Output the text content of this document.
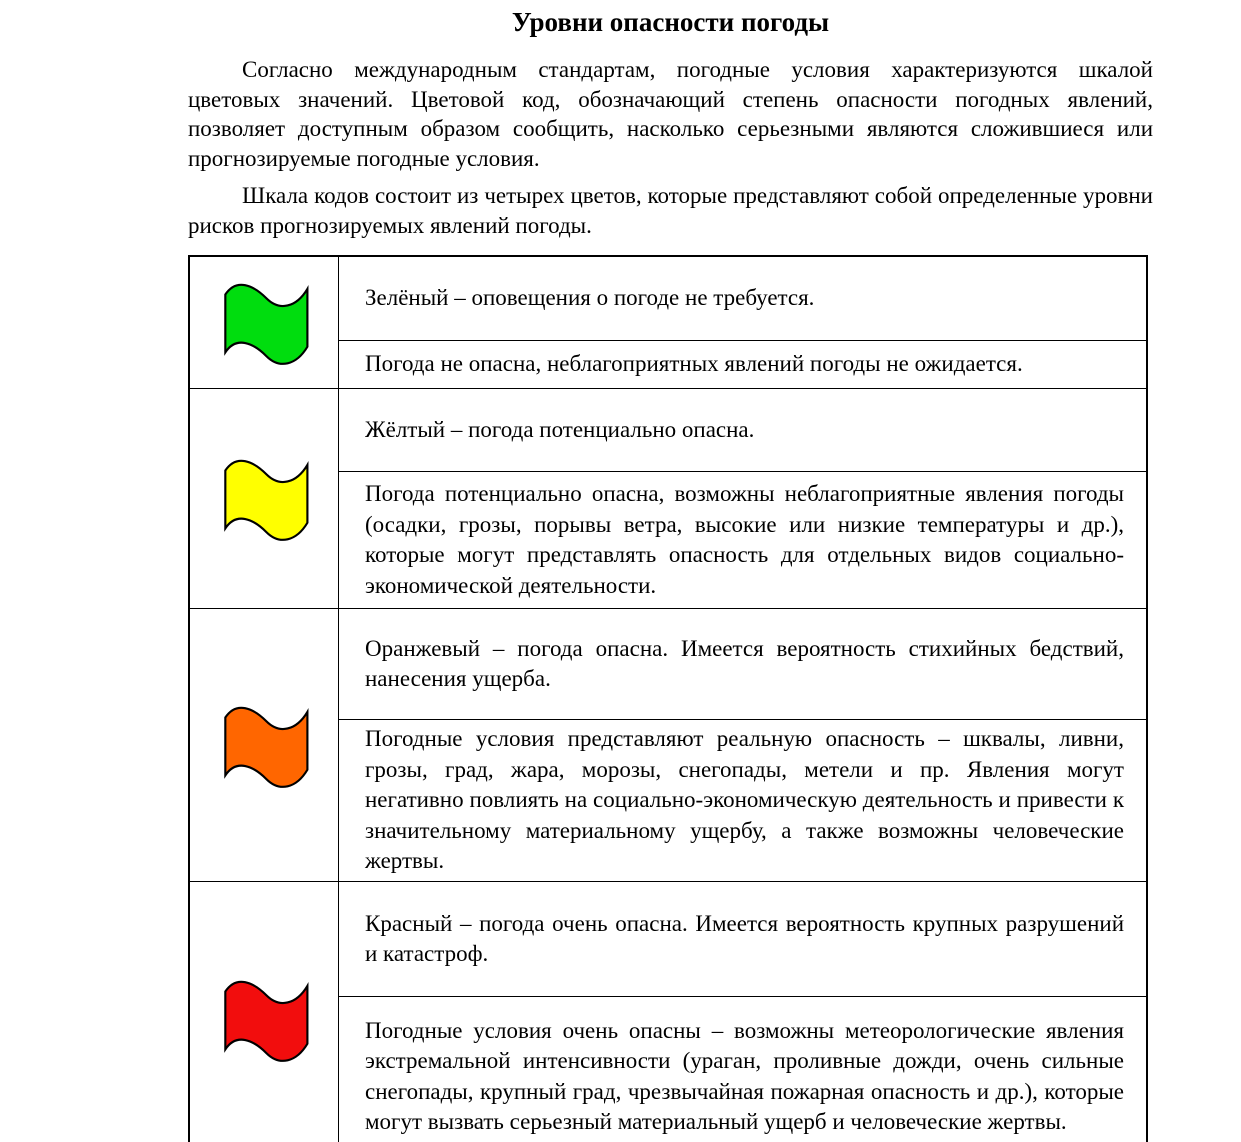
Уровни опасности погоды

Согласно международным стандартам, погодные условия характеризуются шкалой цветовых значений. Цветовой код, обозначающий степень опасности погодных явлений, позволяет доступным образом сообщить, насколько серьезными являются сложившиеся или прогнозируемые погодные условия.

Шкала кодов состоит из четырех цветов, которые представляют собой определенные уровни рисков прогнозируемых явлений погоды.

	Зелёный – оповещения о погоде не требуется.
	Погода не опасна, неблагоприятных явлений погоды не ожидается.

	Жёлтый – погода потенциально опасна.
	Погода потенциально опасна, возможны неблагоприятные явления погоды (осадки, грозы, порывы ветра, высокие или низкие температуры и др.), которые могут представлять опасность для отдельных видов социально-экономической деятельности.

	Оранжевый – погода опасна. Имеется вероятность стихийных бедствий, нанесения ущерба.
	Погодные условия представляют реальную опасность – шквалы, ливни, грозы, град, жара, морозы, снегопады, метели и пр. Явления могут негативно повлиять на социально-экономическую деятельность и привести к значительному материальному ущербу, а также возможны человеческие жертвы.

	Красный – погода очень опасна. Имеется вероятность крупных разрушений и катастроф.
	Погодные условия очень опасны – возможны метеорологические явления экстремальной интенсивности (ураган, проливные дожди, очень сильные снегопады, крупный град, чрезвычайная пожарная опасность и др.), которые могут вызвать серьезный материальный ущерб и человеческие жертвы.
